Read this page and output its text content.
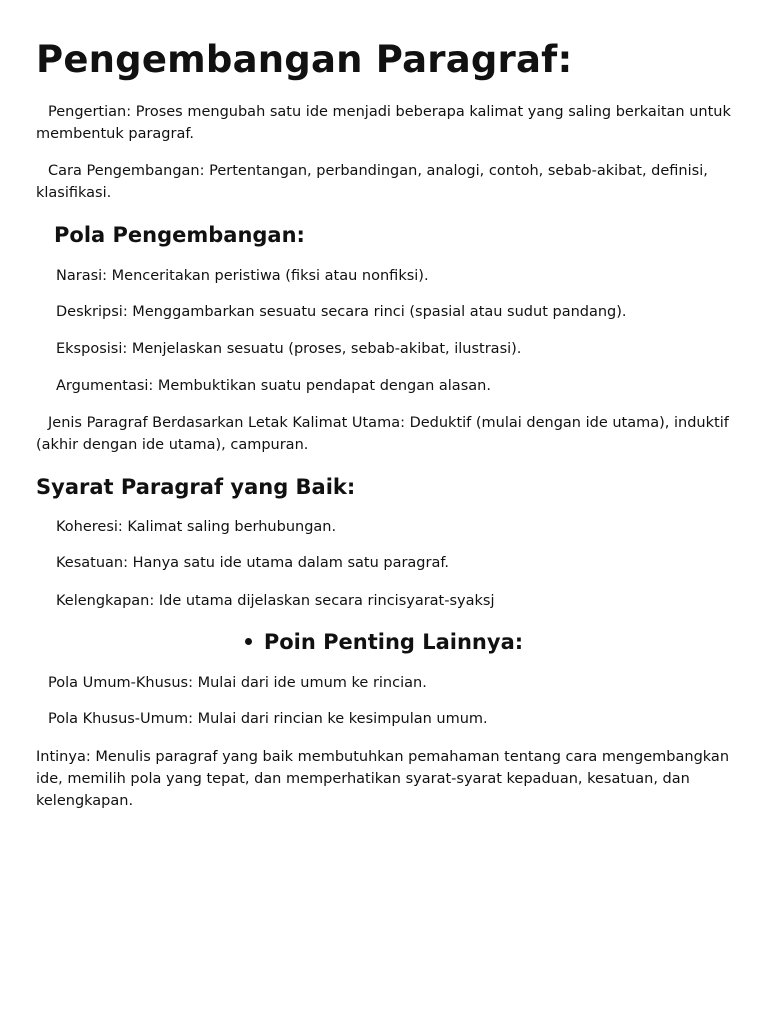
Pengembangan Paragraf:
Pengertian: Proses mengubah satu ide menjadi beberapa kalimat yang saling berkaitan untuk membentuk paragraf.
Cara Pengembangan: Pertentangan, perbandingan, analogi, contoh, sebab-akibat, definisi, klasifikasi.
Pola Pengembangan:
Narasi: Menceritakan peristiwa (fiksi atau nonfiksi).
Deskripsi: Menggambarkan sesuatu secara rinci (spasial atau sudut pandang).
Eksposisi: Menjelaskan sesuatu (proses, sebab-akibat, ilustrasi).
Argumentasi: Membuktikan suatu pendapat dengan alasan.
Jenis Paragraf Berdasarkan Letak Kalimat Utama: Deduktif (mulai dengan ide utama), induktif (akhir dengan ide utama), campuran.
Syarat Paragraf yang Baik:
Koheresi: Kalimat saling berhubungan.
Kesatuan: Hanya satu ide utama dalam satu paragraf.
Kelengkapan: Ide utama dijelaskan secara rincisyarat-syaksj
Poin Penting Lainnya:
Pola Umum-Khusus: Mulai dari ide umum ke rincian.
Pola Khusus-Umum: Mulai dari rincian ke kesimpulan umum.
Intinya: Menulis paragraf yang baik membutuhkan pemahaman tentang cara mengembangkan ide, memilih pola yang tepat, dan memperhatikan syarat-syarat kepaduan, kesatuan, dan kelengkapan.
